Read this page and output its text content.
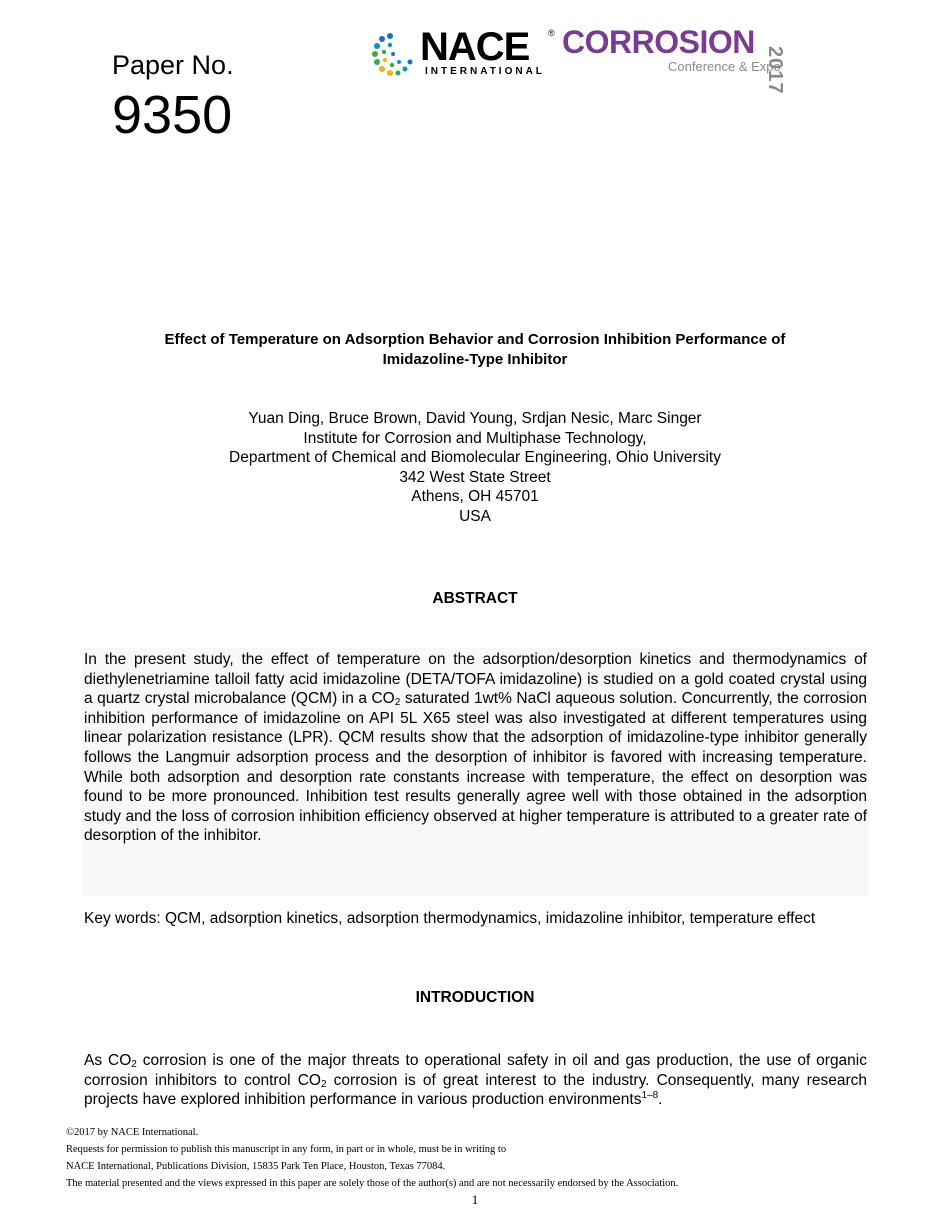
Paper No.
9350
NACE ®
INTERNATIONAL
CORROSION
Conference & Expo
2017
Effect of Temperature on Adsorption Behavior and Corrosion Inhibition Performance of
Imidazoline-Type Inhibitor
Yuan Ding, Bruce Brown, David Young, Srdjan Nesic, Marc Singer
Institute for Corrosion and Multiphase Technology,
Department of Chemical and Biomolecular Engineering, Ohio University
342 West State Street
Athens, OH 45701
USA
ABSTRACT
In the present study, the effect of temperature on the adsorption/desorption kinetics and thermodynamics of diethylenetriamine talloil fatty acid imidazoline (DETA/TOFA imidazoline) is studied on a gold coated crystal using a quartz crystal microbalance (QCM) in a $CO_2$ saturated 1wt% NaCl aqueous solution. Concurrently, the corrosion inhibition performance of imidazoline on API 5L X65 steel was also investigated at different temperatures using linear polarization resistance (LPR). QCM results show that the adsorption of imidazoline-type inhibitor generally follows the Langmuir adsorption process and the desorption of inhibitor is favored with increasing temperature. While both adsorption and desorption rate constants increase with temperature, the effect on desorption was found to be more pronounced. Inhibition test results generally agree well with those obtained in the adsorption study and the loss of corrosion inhibition efficiency observed at higher temperature is attributed to a greater rate of desorption of the inhibitor.
Key words: QCM, adsorption kinetics, adsorption thermodynamics, imidazoline inhibitor, temperature effect
INTRODUCTION
As $CO_2$ corrosion is one of the major threats to operational safety in oil and gas production, the use of organic corrosion inhibitors to control $CO_2$ corrosion is of great interest to the industry. Consequently, many research projects have explored inhibition performance in various production environments$^{1-8}$.
©2017 by NACE International.
Requests for permission to publish this manuscript in any form, in part or in whole, must be in writing to
NACE International, Publications Division, 15835 Park Ten Place, Houston, Texas 77084.
The material presented and the views expressed in this paper are solely those of the author(s) and are not necessarily endorsed by the Association.
1
